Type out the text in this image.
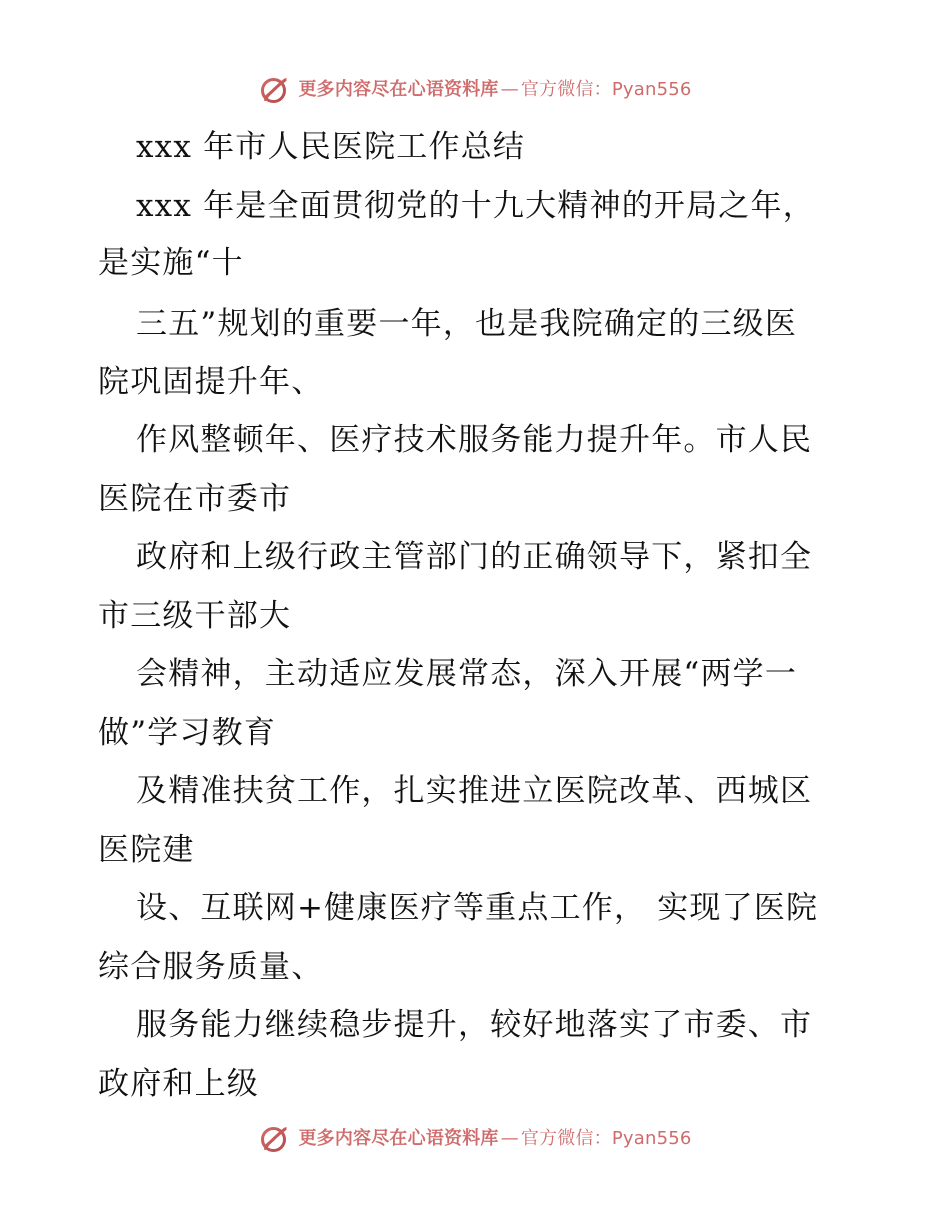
更多内容尽在心语资料库 — 官方微信：Pyan556
xxx 年市人民医院工作总结
xxx 年是全面贯彻党的十九大精神的开局之年，
是实施“十
三五”规划的重要一年，也是我院确定的三级医
院巩固提升年、
作风整顿年、医疗技术服务能力提升年。市人民
医院在市委市
政府和上级行政主管部门的正确领导下，紧扣全
市三级干部大
会精神，主动适应发展常态，深入开展“两学一
做”学习教育
及精准扶贫工作，扎实推进立医院改革、西城区
医院建
设、互联网+健康医疗等重点工作， 实现了医院
综合服务质量、
服务能力继续稳步提升，较好地落实了市委、市
政府和上级
更多内容尽在心语资料库 — 官方微信：Pyan556
